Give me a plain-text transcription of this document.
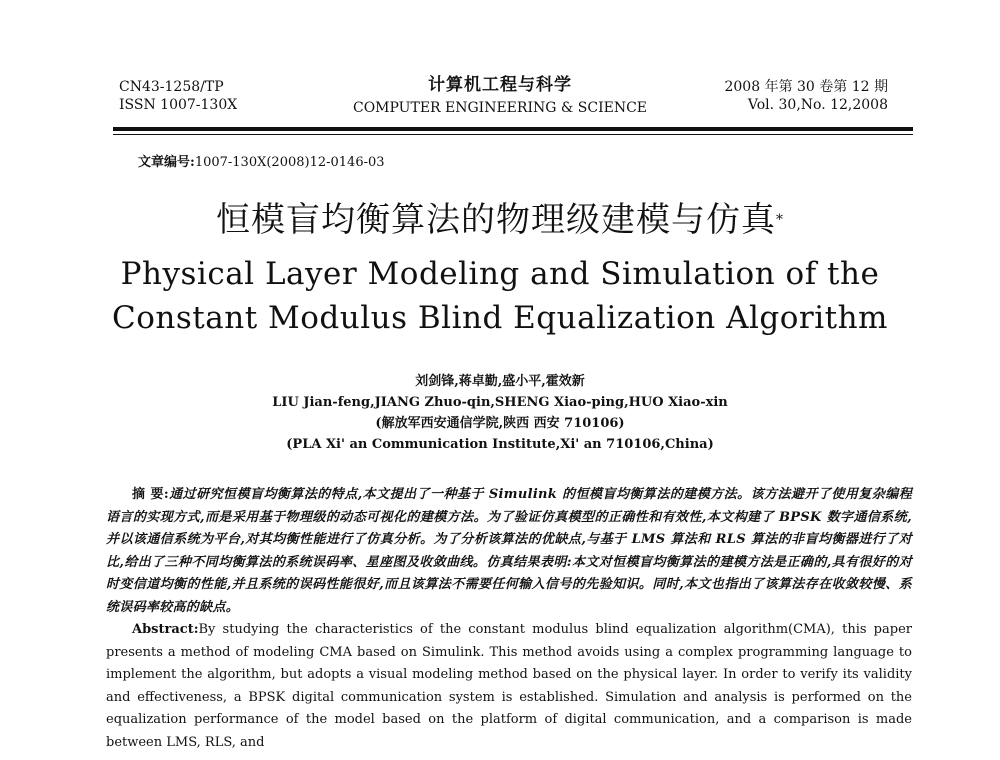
CN43-1258/TP
ISSN 1007-130X
计算机工程与科学
COMPUTER ENGINEERING & SCIENCE
2008 年第 30 卷第 12 期
Vol. 30,No. 12,2008
文章编号:1007-130X(2008)12-0146-03
恒模盲均衡算法的物理级建模与仿真*
Physical Layer Modeling and Simulation of the
Constant Modulus Blind Equalization Algorithm
刘剑锋,蒋卓勤,盛小平,霍效新
LIU Jian-feng,JIANG Zhuo-qin,SHENG Xiao-ping,HUO Xiao-xin
(解放军西安通信学院,陕西 西安 710106)
(PLA Xi' an Communication Institute,Xi' an 710106,China)

摘 要:通过研究恒模盲均衡算法的特点,本文提出了一种基于 Simulink 的恒模盲均衡算法的建模方法。该方法避开了使用复杂编程语言的实现方式,而是采用基于物理级的动态可视化的建模方法。为了验证仿真模型的正确性和有效性,本文构建了 BPSK 数字通信系统,并以该通信系统为平台,对其均衡性能进行了仿真分析。为了分析该算法的优缺点,与基于 LMS 算法和 RLS 算法的非盲均衡器进行了对比,给出了三种不同均衡算法的系统误码率、星座图及收敛曲线。仿真结果表明:本文对恒模盲均衡算法的建模方法是正确的,具有很好的对时变信道均衡的性能,并且系统的误码性能很好,而且该算法不需要任何输入信号的先验知识。同时,本文也指出了该算法存在收敛较慢、系统误码率较高的缺点。

Abstract:By studying the characteristics of the constant modulus blind equalization algorithm(CMA), this paper presents a method of modeling CMA based on Simulink. This method avoids using a complex programming language to implement the algorithm, but adopts a visual modeling method based on the physical layer. In order to verify its validity and effectiveness, a BPSK digital communication system is established. Simulation and analysis is performed on the equalization performance of the model based on the platform of digital communication, and a comparison is made between LMS, RLS, and
